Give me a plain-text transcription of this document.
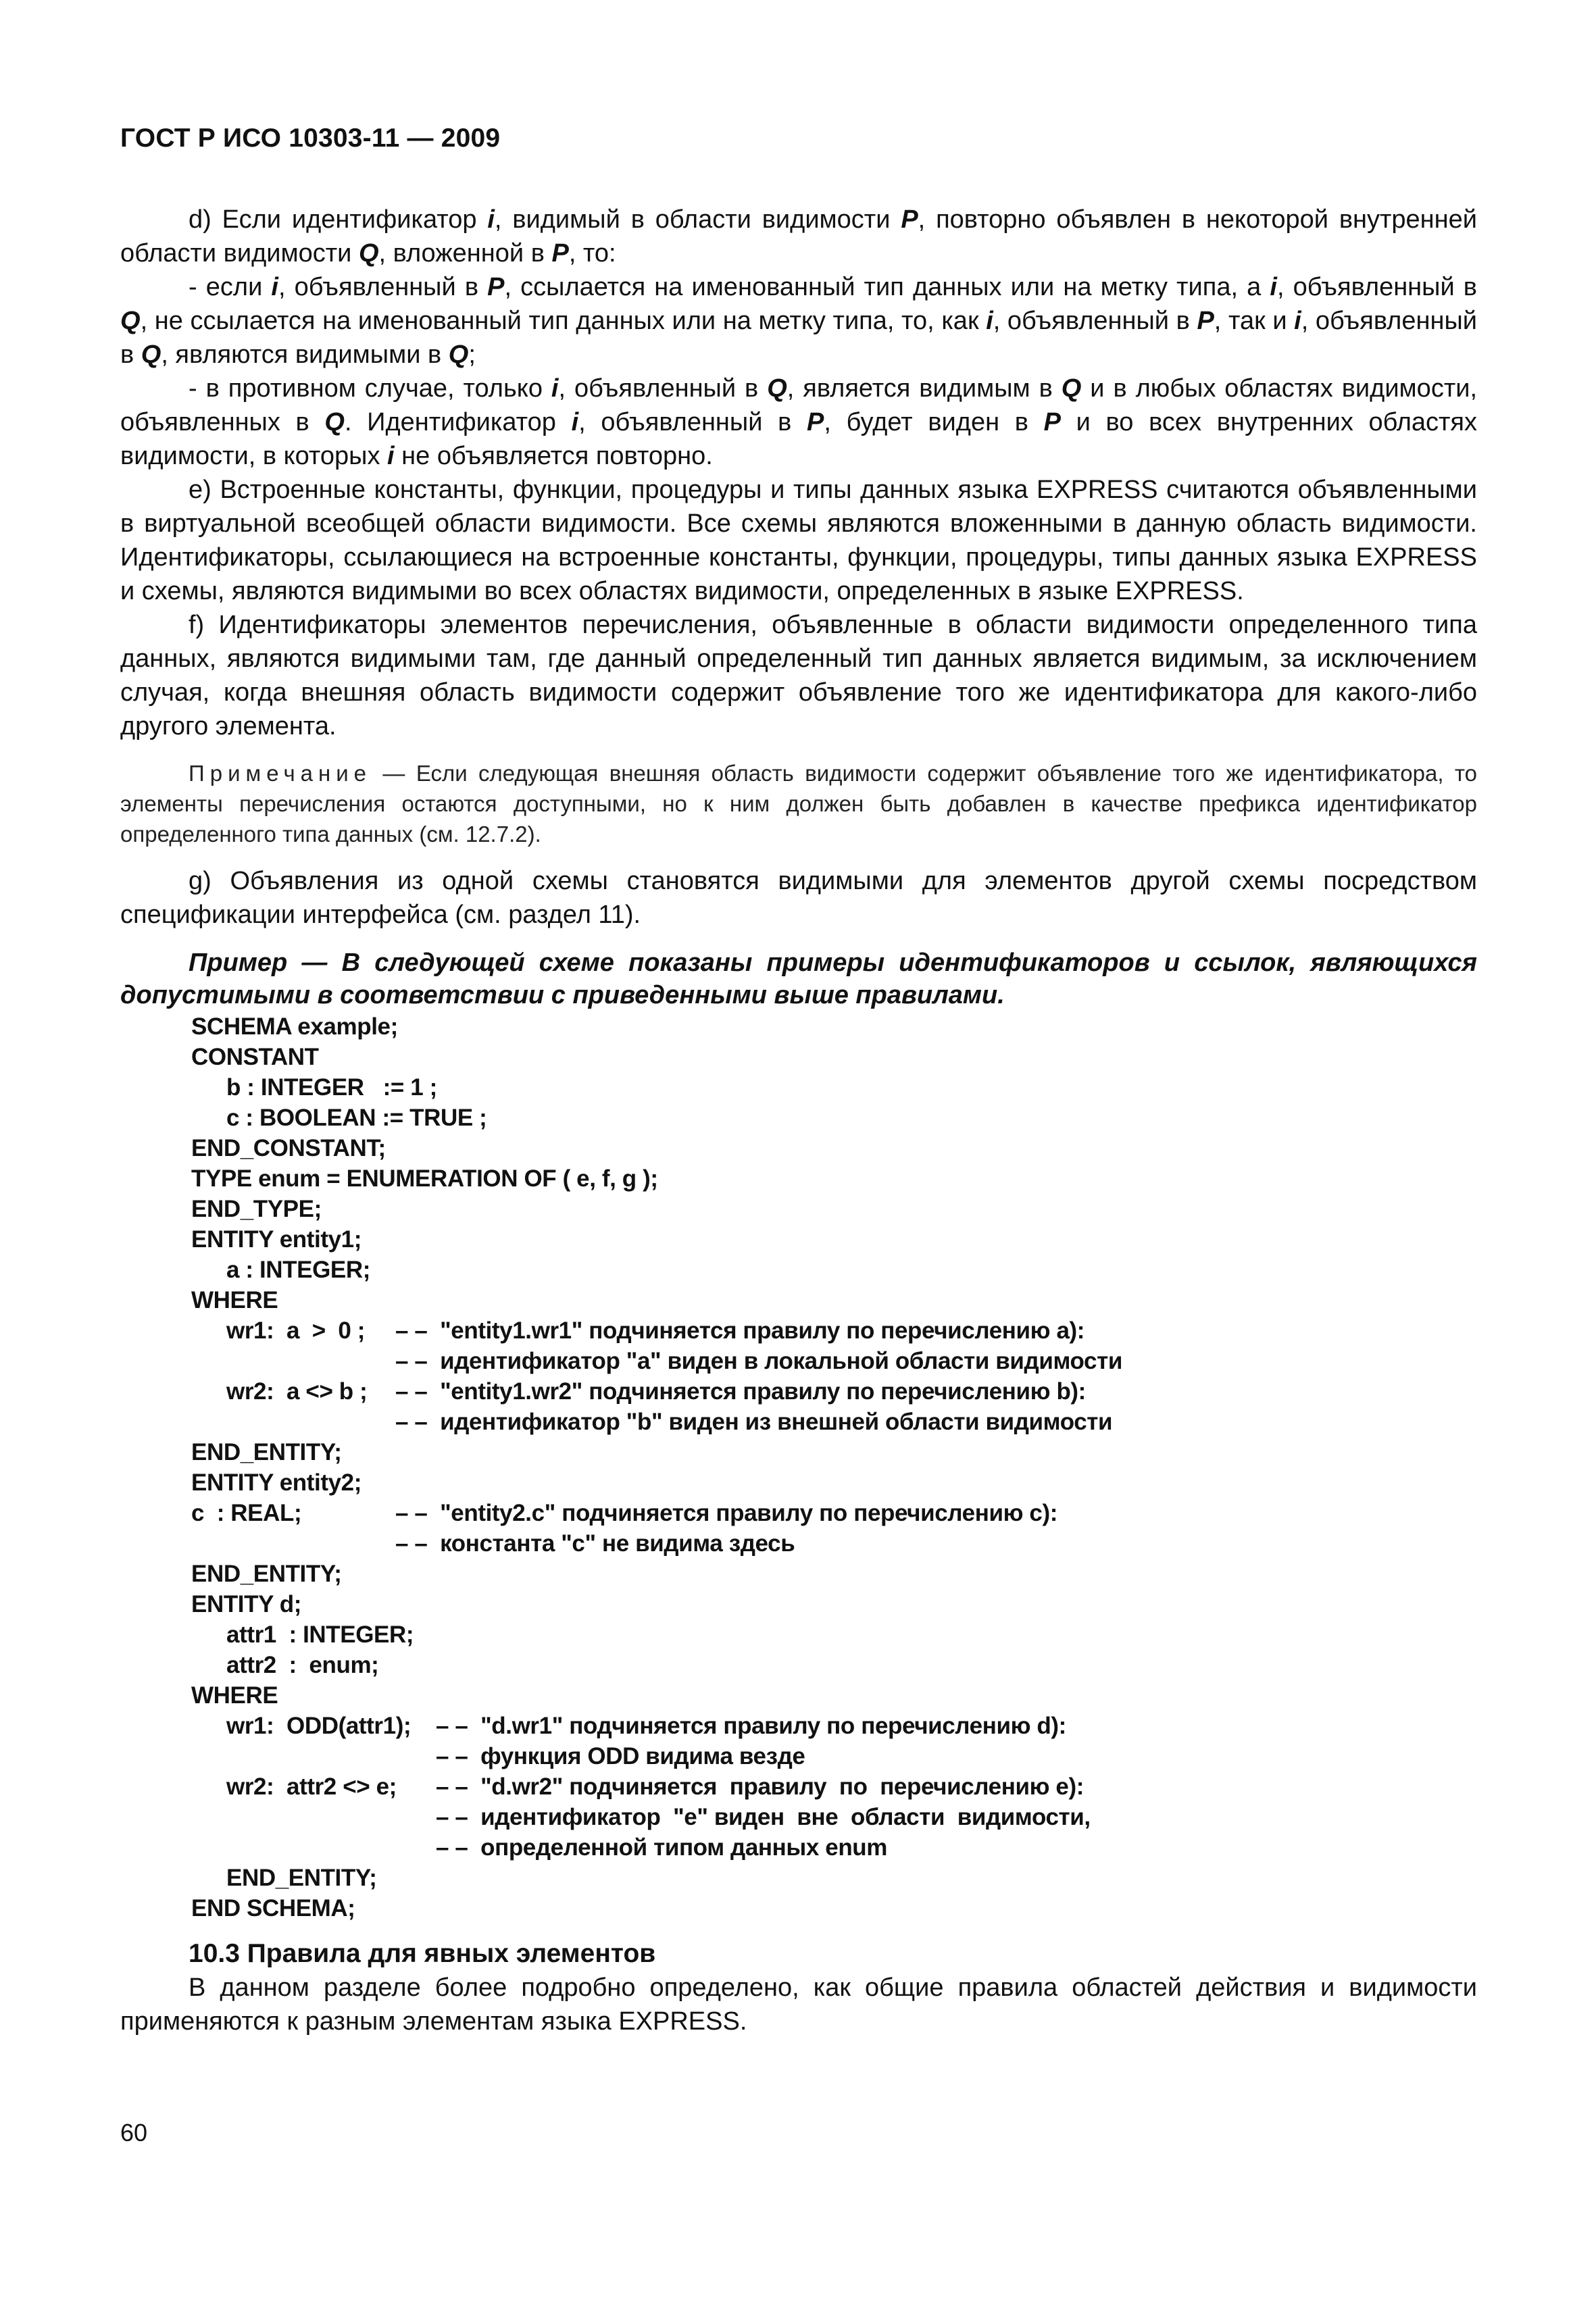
ГОСТ Р ИСО 10303-11 — 2009

d) Если идентификатор i, видимый в области видимости P, повторно объявлен в некоторой внутренней области видимости Q, вложенной в P, то:

- если i, объявленный в P, ссылается на именованный тип данных или на метку типа, а i, объявленный в Q, не ссылается на именованный тип данных или на метку типа, то, как i, объявленный в P, так и i, объявленный в Q, являются видимыми в Q;

- в противном случае, только i, объявленный в Q, является видимым в Q и в любых областях видимости, объявленных в Q. Идентификатор i, объявленный в P, будет виден в P и во всех внутренних областях видимости, в которых i не объявляется повторно.

e) Встроенные константы, функции, процедуры и типы данных языка EXPRESS считаются объявленными в виртуальной всеобщей области видимости. Все схемы являются вложенными в данную область видимости. Идентификаторы, ссылающиеся на встроенные константы, функции, процедуры, типы данных языка EXPRESS и схемы, являются видимыми во всех областях видимости, определенных в языке EXPRESS.

f) Идентификаторы элементов перечисления, объявленные в области видимости определенного типа данных, являются видимыми там, где данный определенный тип данных является видимым, за исключением случая, когда внешняя область видимости содержит объявление того же идентификатора для какого-либо другого элемента.

Примечание — Если следующая внешняя область видимости содержит объявление того же идентификатора, то элементы перечисления остаются доступными, но к ним должен быть добавлен в качестве префикса идентификатор определенного типа данных (см. 12.7.2).

g) Объявления из одной схемы становятся видимыми для элементов другой схемы посредством спецификации интерфейса (см. раздел 11).

Пример — В следующей схеме показаны примеры идентификаторов и ссылок, являющихся допустимыми в соответствии с приведенными выше правилами.

SCHEMA example;
CONSTANT
b : INTEGER   := 1 ;
c : BOOLEAN := TRUE ;
END_CONSTANT;
TYPE enum = ENUMERATION OF ( e, f, g );
END_TYPE;
ENTITY entity1;
a : INTEGER;
WHERE
wr1:  a  >  0 ; – –  "entity1.wr1" подчиняется правилу по перечислению a):
– –  идентификатор "a" виден в локальной области видимости
wr2:  a <> b ; – –  "entity1.wr2" подчиняется правилу по перечислению b):
– –  идентификатор "b" виден из внешней области видимости
END_ENTITY;
ENTITY entity2;
c  : REAL;	– –  "entity2.c" подчиняется правилу по перечислению c):
– –  константа "c" не видима здесь
END_ENTITY;
ENTITY d;
attr1  : INTEGER;
attr2  :  enum;
WHERE
wr1:  ODD(attr1); – –  "d.wr1" подчиняется правилу по перечислению d):
– –  функция ODD видима везде
wr2:  attr2 <> e; – –  "d.wr2" подчиняется  правилу  по  перечислению e):
– –  идентификатор  "e" виден  вне  области  видимости,
– –  определенной типом данных enum
END_ENTITY;
END SCHEMA;

10.3 Правила для явных элементов

В данном разделе более подробно определено, как общие правила областей действия и видимости применяются к разным элементам языка EXPRESS.

60
